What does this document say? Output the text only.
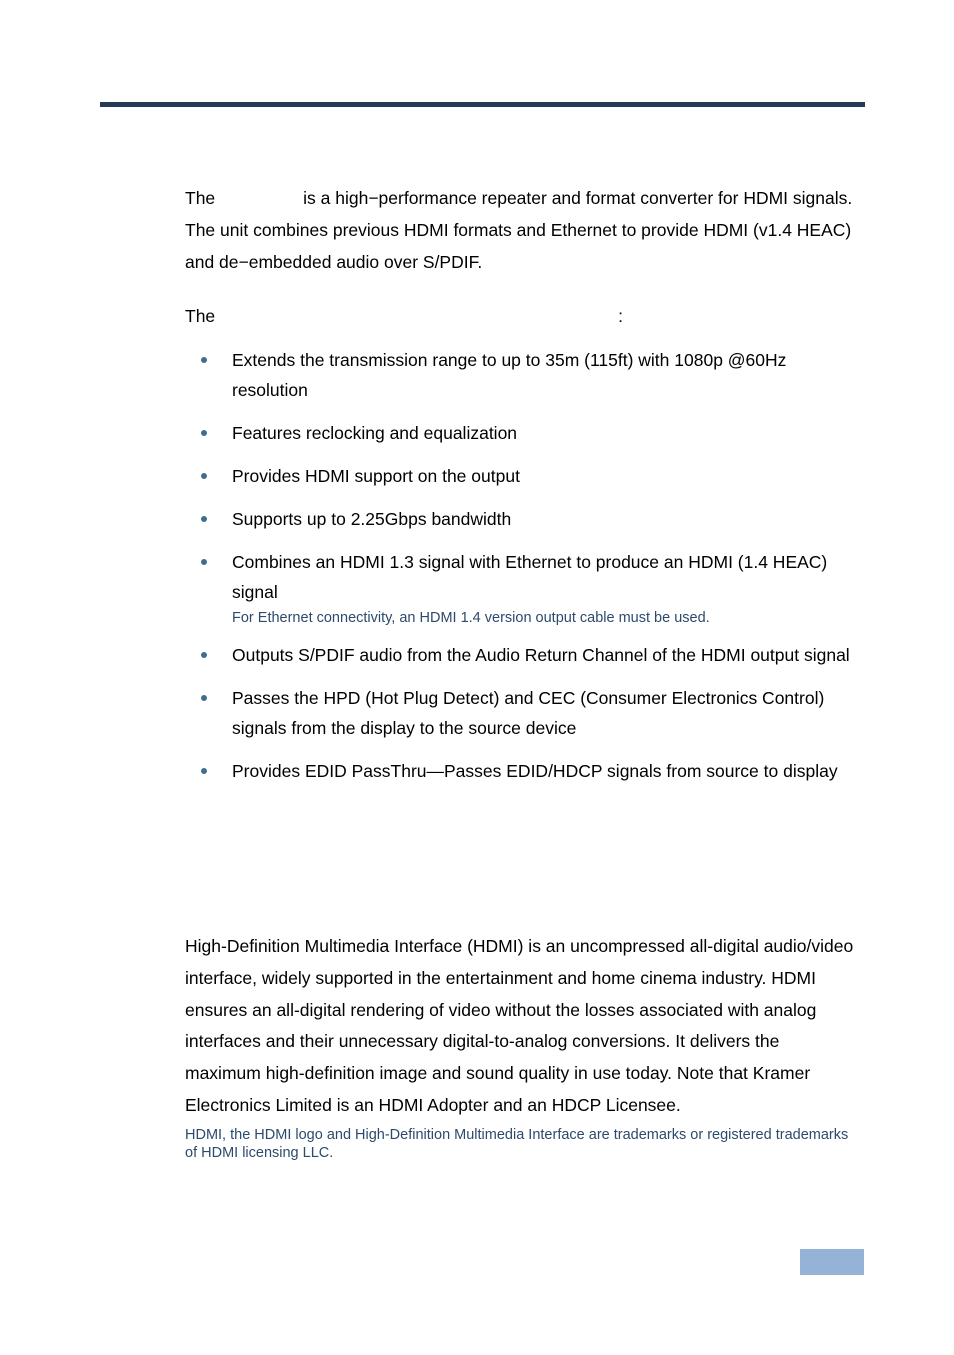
The	is a high−performance repeater and format converter for HDMI signals. The unit combines previous HDMI formats and Ethernet to provide HDMI (v1.4 HEAC) and de−embedded audio over S/PDIF.

The	:

Extends the transmission range to up to 35m (115ft) with 1080p @60Hz resolution
Features reclocking and equalization
Provides HDMI support on the output
Supports up to 2.25Gbps bandwidth
Combines an HDMI 1.3 signal with Ethernet to produce an HDMI (1.4 HEAC) signal
For Ethernet connectivity, an HDMI 1.4 version output cable must be used.
Outputs S/PDIF audio from the Audio Return Channel of the HDMI output signal
Passes the HPD (Hot Plug Detect) and CEC (Consumer Electronics Control) signals from the display to the source device
Provides EDID PassThru—Passes EDID/HDCP signals from source to display

High-Definition Multimedia Interface (HDMI) is an uncompressed all-digital audio/video interface, widely supported in the entertainment and home cinema industry. HDMI ensures an all-digital rendering of video without the losses associated with analog interfaces and their unnecessary digital-to-analog conversions. It delivers the maximum high-definition image and sound quality in use today. Note that Kramer Electronics Limited is an HDMI Adopter and an HDCP Licensee.

HDMI, the HDMI logo and High-Definition Multimedia Interface are trademarks or registered trademarks of HDMI licensing LLC.
